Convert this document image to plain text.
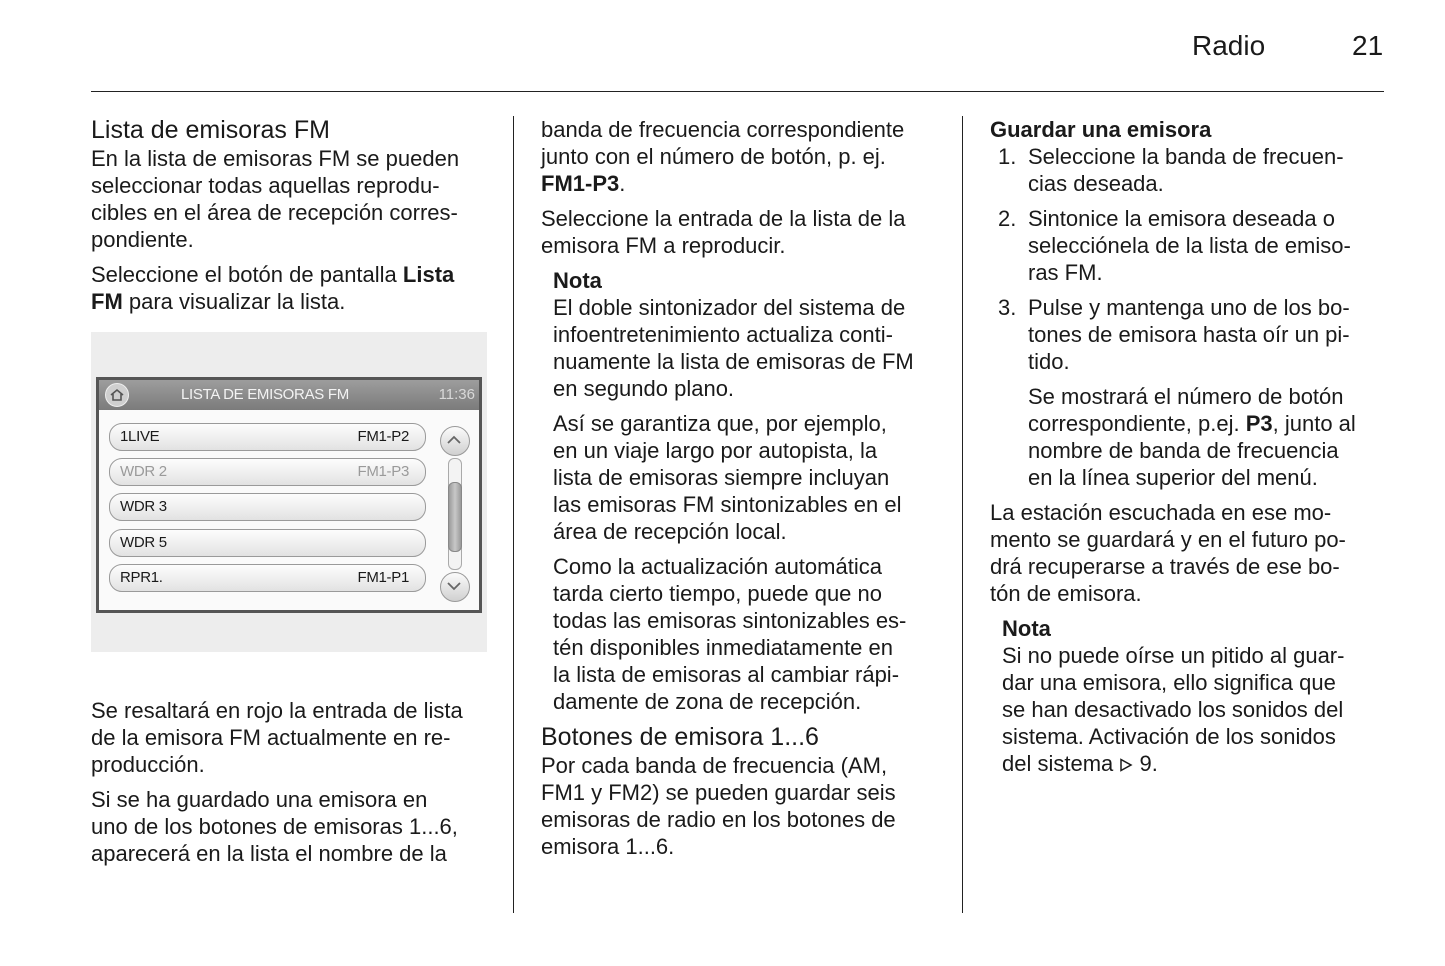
Radio	21
Lista de emisoras FM

En la lista de emisoras FM se pueden
seleccionar todas aquellas reprodu-
cibles en el área de recepción corres-
pondiente.

Seleccione el botón de pantalla Lista
FM para visualizar la lista.

Se resaltará en rojo la entrada de lista
de la emisora FM actualmente en re-
producción.

Si se ha guardado una emisora en
uno de los botones de emisoras 1...6,
aparecerá en la lista el nombre de la

LISTA DE EMISORAS FM	11:36
1LIVE	FM1-P2
WDR 2	FM1-P3
WDR 3
WDR 5
RPR1.	FM1-P1

banda de frecuencia correspondiente
junto con el número de botón, p. ej.
FM1-P3.

Seleccione la entrada de la lista de la
emisora FM a reproducir.

Nota

El doble sintonizador del sistema de
infoentretenimiento actualiza conti-
nuamente la lista de emisoras de FM
en segundo plano.

Así se garantiza que, por ejemplo,
en un viaje largo por autopista, la
lista de emisoras siempre incluyan
las emisoras FM sintonizables en el
área de recepción local.

Como la actualización automática
tarda cierto tiempo, puede que no
todas las emisoras sintonizables es-
tén disponibles inmediatamente en
la lista de emisoras al cambiar rápi-
damente de zona de recepción.

Botones de emisora 1...6

Por cada banda de frecuencia (AM,
FM1 y FM2) se pueden guardar seis
emisoras de radio en los botones de
emisora 1...6.

Guardar una emisora
1. Seleccione la banda de frecuen-
cias deseada.
2. Sintonice la emisora deseada o
selecciónela de la lista de emiso-
ras FM.
3. Pulse y mantenga uno de los bo-
tones de emisora hasta oír un pi-
tido.

Se mostrará el número de botón
correspondiente, p.ej. P3, junto al
nombre de banda de frecuencia
en la línea superior del menú.

La estación escuchada en ese mo-
mento se guardará y en el futuro po-
drá recuperarse a través de ese bo-
tón de emisora.

Nota

Si no puede oírse un pitido al guar-
dar una emisora, ello significa que
se han desactivado los sonidos del
sistema. Activación de los sonidos
del sistema  9.
